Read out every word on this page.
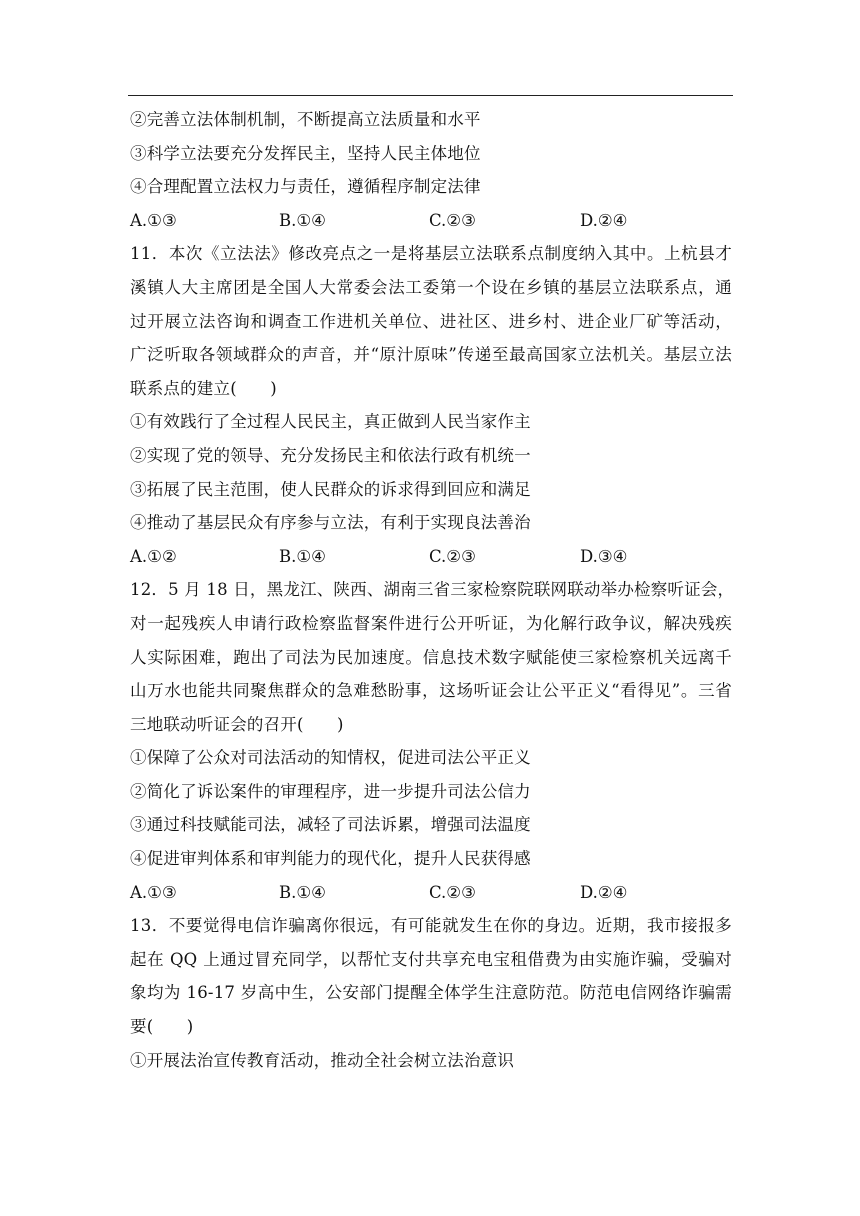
②完善立法体制机制，不断提高立法质量和水平
③科学立法要充分发挥民主，坚持人民主体地位
④合理配置立法权力与责任，遵循程序制定法律
A.①③	B.①④	C.②③	D.②④
11．本次《立法法》修改亮点之一是将基层立法联系点制度纳入其中。上杭县才
溪镇人大主席团是全国人大常委会法工委第一个设在乡镇的基层立法联系点，通
过开展立法咨询和调查工作进机关单位、进社区、进乡村、进企业厂矿等活动，
广泛听取各领域群众的声音，并“原汁原味”传递至最高国家立法机关。基层立法
联系点的建立(　　)
①有效践行了全过程人民民主，真正做到人民当家作主
②实现了党的领导、充分发扬民主和依法行政有机统一
③拓展了民主范围，使人民群众的诉求得到回应和满足
④推动了基层民众有序参与立法，有利于实现良法善治
A.①②	B.①④	C.②③	D.③④
12．5 月 18 日，黑龙江、陕西、湖南三省三家检察院联网联动举办检察听证会，
对一起残疾人申请行政检察监督案件进行公开听证，为化解行政争议，解决残疾
人实际困难，跑出了司法为民加速度。信息技术数字赋能使三家检察机关远离千
山万水也能共同聚焦群众的急难愁盼事，这场听证会让公平正义“看得见”。三省
三地联动听证会的召开(　　)
①保障了公众对司法活动的知情权，促进司法公平正义
②简化了诉讼案件的审理程序，进一步提升司法公信力
③通过科技赋能司法，减轻了司法诉累，增强司法温度
④促进审判体系和审判能力的现代化，提升人民获得感
A.①③	B.①④	C.②③	D.②④
13．不要觉得电信诈骗离你很远，有可能就发生在你的身边。近期，我市接报多
起在 QQ 上通过冒充同学，以帮忙支付共享充电宝租借费为由实施诈骗，受骗对
象均为 16-17 岁高中生，公安部门提醒全体学生注意防范。防范电信网络诈骗需
要(　　)
①开展法治宣传教育活动，推动全社会树立法治意识
